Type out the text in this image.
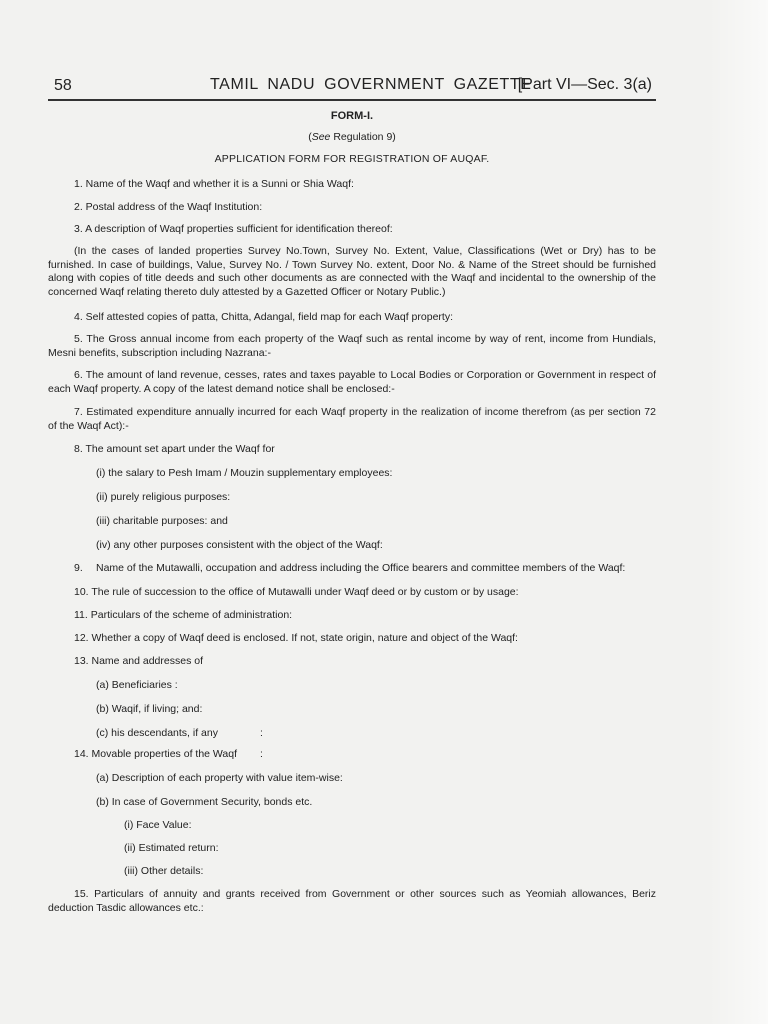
58	TAMIL NADU GOVERNMENT GAZETTE
[Part VI—Sec. 3(a)
FORM-I.
(See Regulation 9)
APPLICATION FORM FOR REGISTRATION OF AUQAF.
1. Name of the Waqf and whether it is a Sunni or Shia Waqf:
2. Postal address of the Waqf Institution:
3. A description of Waqf properties sufficient for identification thereof:
(In the cases of landed properties Survey No.Town, Survey No. Extent, Value, Classifications (Wet or Dry) has to be furnished. In case of buildings, Value, Survey No. / Town Survey No. extent, Door No. & Name of the Street should be furnished along with copies of title deeds and such other documents as are connected with the Waqf and incidental to the ownership of the concerned Waqf relating thereto duly attested by a Gazetted Officer or Notary Public.)
4. Self attested copies of patta, Chitta, Adangal, field map for each Waqf property:
5. The Gross annual income from each property of the Waqf such as rental income by way of rent, income from Hundials, Mesni benefits, subscription including Nazrana:-
6. The amount of land revenue, cesses, rates and taxes payable to Local Bodies or Corporation or Government in respect of each Waqf property. A copy of the latest demand notice shall be enclosed:-
7. Estimated expenditure annually incurred for each Waqf property in the realization of income therefrom (as per section 72 of the Waqf Act):-
8. The amount set apart under the Waqf for
(i) the salary to Pesh Imam / Mouzin supplementary employees:
(ii) purely religious purposes:
(iii) charitable purposes: and
(iv) any other purposes consistent with the object of the Waqf:
9. Name of the Mutawalli, occupation and address including the Office bearers and committee members of the Waqf:
10. The rule of succession to the office of Mutawalli under Waqf deed or by custom or by usage:
11. Particulars of the scheme of administration:
12. Whether a copy of Waqf deed is enclosed. If not, state origin, nature and object of the Waqf:
13. Name and addresses of
(a) Beneficiaries :
(b) Waqif, if living; and:
(c) his descendants, if any	:
14. Movable properties of the Waqf :
(a) Description of each property with value item-wise:
(b) In case of Government Security, bonds etc.
(i) Face Value:
(ii) Estimated return:
(iii) Other details:
15. Particulars of annuity and grants received from Government or other sources such as Yeomiah allowances, Beriz deduction Tasdic allowances etc.:
